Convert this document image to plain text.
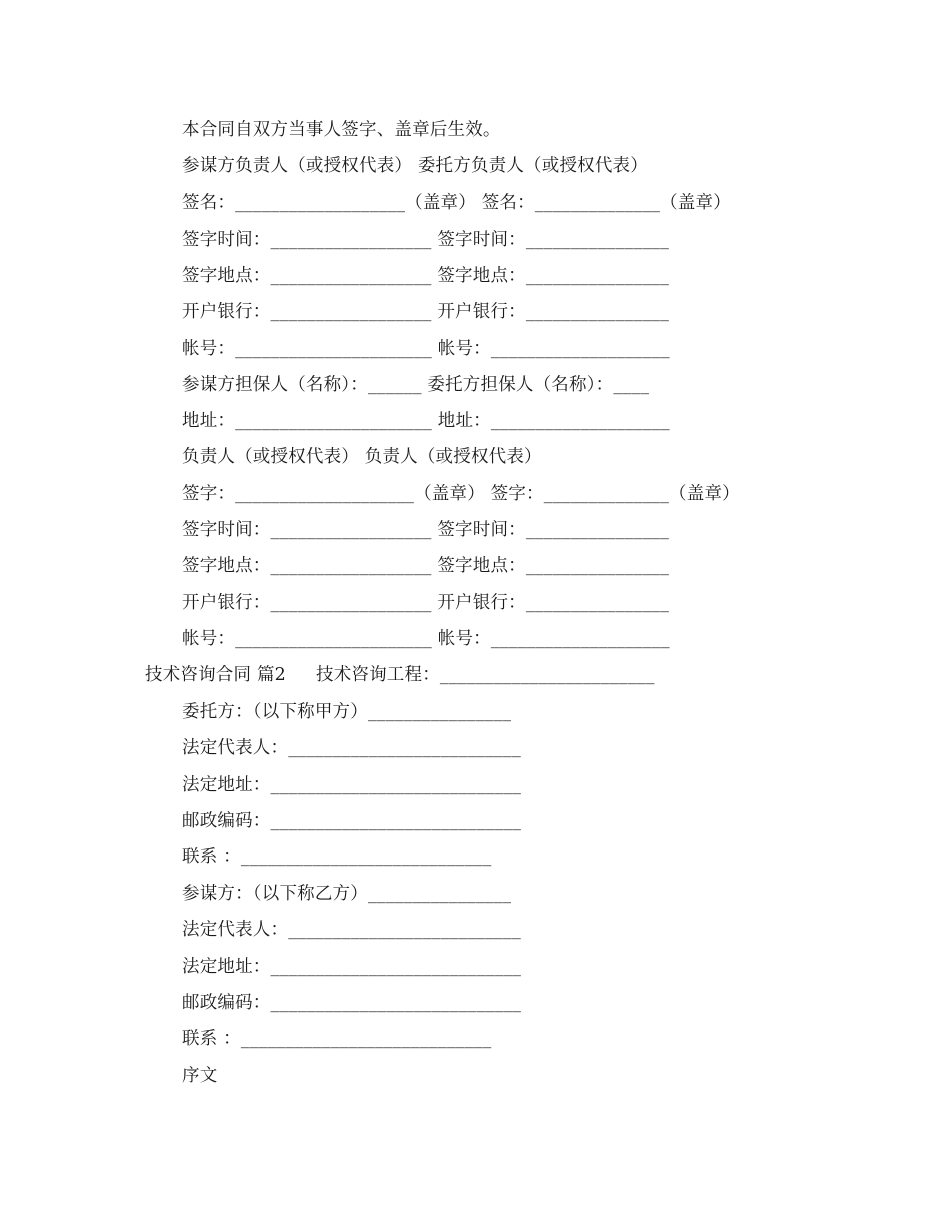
本合同自双方当事人签字、盖章后生效。
参谋方负责人（或授权代表） 委托方负责人（或授权代表）
签名：___________________（盖章） 签名：______________（盖章）
签字时间：__________________ 签字时间：________________
签字地点：__________________ 签字地点：________________
开户银行：__________________ 开户银行：________________
帐号：______________________ 帐号：____________________
参谋方担保人（名称）：______ 委托方担保人（名称）：____
地址：______________________ 地址：____________________
负责人（或授权代表） 负责人（或授权代表）
签字：____________________（盖章） 签字：______________（盖章）
签字时间：__________________ 签字时间：________________
签字地点：__________________ 签字地点：________________
开户银行：__________________ 开户银行：________________
帐号：______________________ 帐号：____________________
技术咨询合同 篇2 技术咨询工程：________________________
委托方：（以下称甲方）________________
法定代表人：__________________________
法定地址：____________________________
邮政编码：____________________________
联系 ：____________________________
参谋方：（以下称乙方）________________
法定代表人：__________________________
法定地址：____________________________
邮政编码：____________________________
联系 ：____________________________
序文
